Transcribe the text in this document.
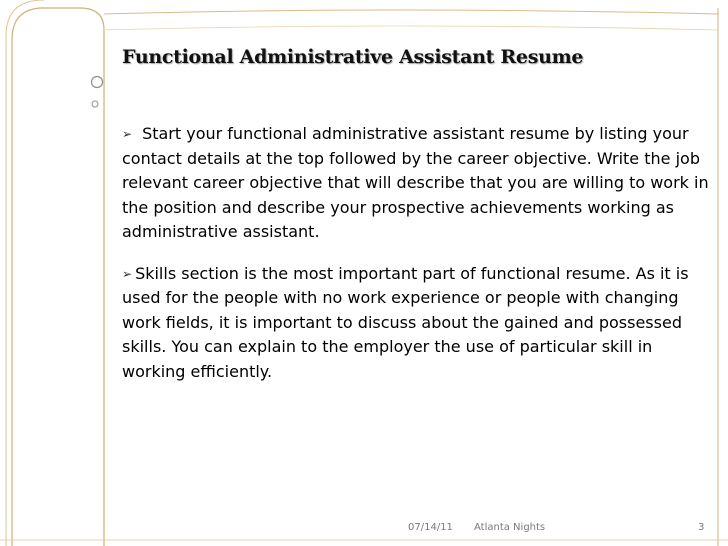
Functional Administrative Assistant Resume

➢ Start your functional administrative assistant resume by listing your contact details at the top followed by the career objective. Write the job relevant career objective that will describe that you are willing to work in the position and describe your prospective achievements working as administrative assistant.

➢ Skills section is the most important part of functional resume. As it is used for the people with no work experience or people with changing work fields, it is important to discuss about the gained and possessed skills. You can explain to the employer the use of particular skill in working efficiently.

07/14/11 Atlanta Nights	3
